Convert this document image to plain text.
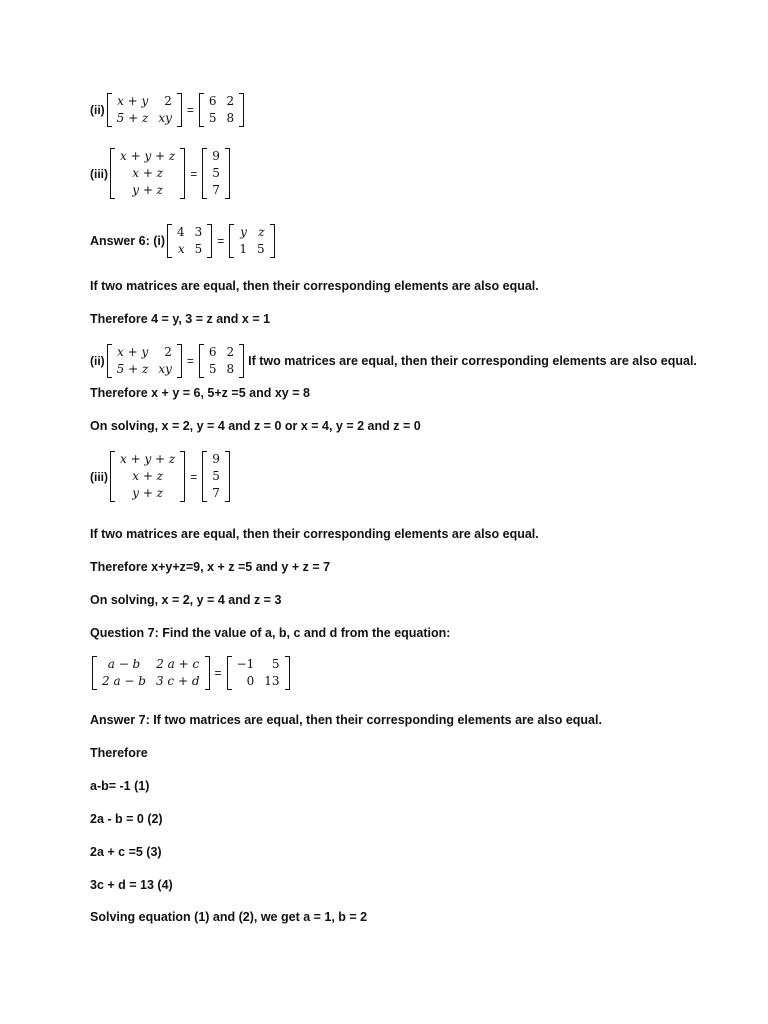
(ii)
x + y	2
5 + z	xy
=
6	2
5	8
(iii)
x + y + z
x + z
y + z
=
9
5
7
Answer 6: (i)
4	3
x	5
=
y	z
1	5
If two matrices are equal, then their corresponding elements are also equal.
Therefore 4 = y, 3 = z and x = 1
(ii)
x + y	2
5 + z	xy
=
6	2
5	8
If two matrices are equal, then their corresponding elements are also equal.
Therefore x + y = 6, 5+z =5 and xy = 8
On solving, x = 2, y = 4 and z = 0 or x = 4, y = 2 and z = 0
(iii)
x + y + z
x + z
y + z
=
9
5
7
If two matrices are equal, then their corresponding elements are also equal.
Therefore x+y+z=9, x + z =5 and y + z = 7
On solving, x = 2, y = 4 and z = 3
Question 7: Find the value of a, b, c and d from the equation:
a − b	2 a + c
2 a − b	3 c + d
=
−1	5
0	13
Answer 7: If two matrices are equal, then their corresponding elements are also equal.
Therefore
a-b= -1 (1)
2a - b = 0 (2)
2a + c =5 (3)
3c + d = 13 (4)
Solving equation (1) and (2), we get a = 1, b = 2
